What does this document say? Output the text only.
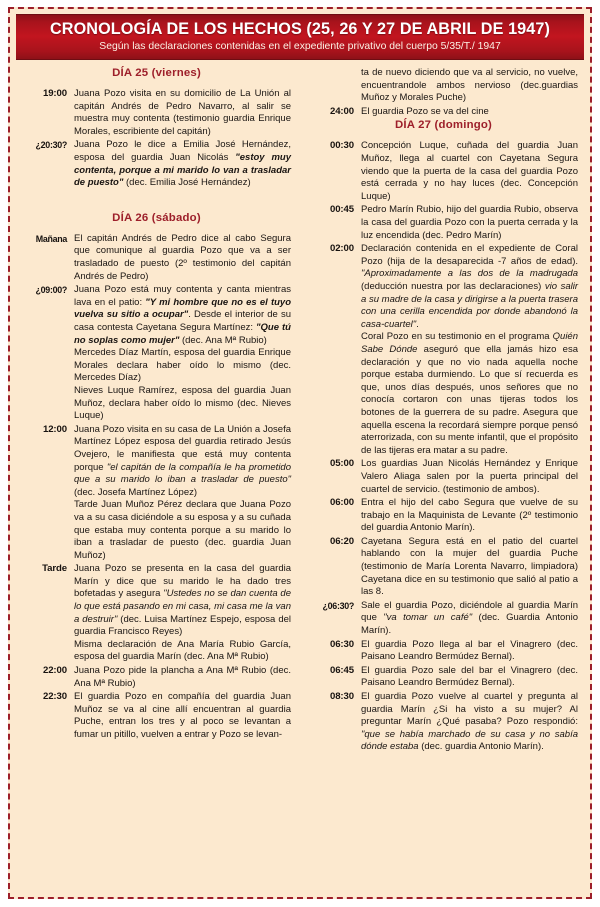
CRONOLOGÍA DE LOS HECHOS (25, 26 Y 27 DE ABRIL DE 1947)
Según las declaraciones contenidas en el expediente privativo del cuerpo 5/35/T./ 1947
DÍA 25 (viernes)
19:00 Juana Pozo visita en su domicilio de La Unión al capitán Andrés de Pedro Navarro, al salir se muestra muy contenta (testimonio guardia Enrique Morales, escribiente del capitán)

¿20:30? Juana Pozo le dice a Emilia José Hernández, esposa del guardia Juan Nicolás "estoy muy contenta, porque a mi marido lo van a trasladar de puesto" (dec. Emilia José Hernández)

DÍA 26 (sábado)
Mañana El capitán Andrés de Pedro dice al cabo Segura que comunique al guardia Pozo que va a ser trasladado de puesto (2º testimonio del capitán Andrés de Pedro)

¿09:00? Juana Pozo está muy contenta y canta mientras lava en el patio: "Y mi hombre que no es el tuyo vuelva su sitio a ocupar". Desde el interior de su casa contesta Cayetana Segura Martínez: "Que tú no soplas como mujer" (dec. Ana Mª Rubio)

Mercedes Díaz Martín, esposa del guardia Enrique Morales declara haber oído lo mismo (dec. Mercedes Díaz)

Nieves Luque Ramírez, esposa del guardia Juan Muñoz, declara haber oído lo mismo (dec. Nieves Luque)

12:00 Juana Pozo visita en su casa de La Unión a Josefa Martínez López esposa del guardia retirado Jesús Ovejero, le manifiesta que está muy contenta porque "el capitán de la compañía le ha prometido que a su marido lo iban a trasladar de puesto" (dec. Josefa Martínez López)

Tarde Juan Muñoz Pérez declara que Juana Pozo va a su casa diciéndole a su esposa y a su cuñada que estaba muy contenta porque a su marido lo iban a trasladar de puesto (dec. guardia Juan Muñoz)

Tarde Juana Pozo se presenta en la casa del guardia Marín y dice que su marido le ha dado tres bofetadas y asegura "Ustedes no se dan cuenta de lo que está pasando en mi casa, mi casa me la van a destruir" (dec. Luisa Martínez Espejo, esposa del guardia Francisco Reyes)

Misma declaración de Ana María Rubio García, esposa del guardia Marín (dec. Ana Mª Rubio)

22:00 Juana Pozo pide la plancha a Ana Mª Rubio (dec. Ana Mª Rubio)

22:30 El guardia Pozo en compañía del guardia Juan Muñoz se va al cine allí encuentran al guardia Puche, entran los tres y al poco se levantan a fumar un pitillo, vuelven a entrar y Pozo se levan-

ta de nuevo diciendo que va al servicio, no vuelve, encuentrandole ambos nervioso (dec.guardias Muñoz y Morales Puche)

24:00 El guardia Pozo se va del cine

DÍA 27 (domingo)
00:30 Concepción Luque, cuñada del guardia Juan Muñoz, llega al cuartel con Cayetana Segura viendo que la puerta de la casa del guardia Pozo está cerrada y no hay luces (dec. Concepción Luque)

00:45 Pedro Marín Rubio, hijo del guardia Rubio, observa la casa del guardia Pozo con la puerta cerrada y la luz encendida (dec. Pedro Marín)

02:00 Declaración contenida en el expediente de Coral Pozo (hija de la desaparecida -7 años de edad). "Aproximadamente a las dos de la madrugada (deducción nuestra por las declaraciones) vio salir a su madre de la casa y dirigirse a la puerta trasera con una cerilla encendida por donde abandonó la casa-cuartel".

Coral Pozo en su testimonio en el programa Quién Sabe Dónde aseguró que ella jamás hizo esa declaración y que no vio nada aquella noche porque estaba durmiendo. Lo que sí recuerda es que, unos días después, unos señores que no conocía cortaron con unas tijeras todos los botones de la guerrera de su padre. Asegura que aquella escena la recordará siempre porque pensó aterrorizada, con su mente infantil, que el propósito de las tijeras era matar a su padre.

05:00 Los guardias Juan Nicolás Hernández y Enrique Valero Aliaga salen por la puerta principal del cuartel de servicio. (testimonio de ambos).

06:00 Entra el hijo del cabo Segura que vuelve de su trabajo en la Maquinista de Levante (2º testimonio del guardia Antonio Marín).

06:20 Cayetana Segura está en el patio del cuartel hablando con la mujer del guardia Puche (testimonio de María Lorenta Navarro, limpiadora) Cayetana dice en su testimonio que salió al patio a las 8.

¿06:30? Sale el guardia Pozo, diciéndole al guardia Marín que "va tomar un café" (dec. Guardia Antonio Marín).

06:30 El guardia Pozo llega al bar el Vinagrero (dec. Paisano Leandro Bermúdez Bernal).

06:45 El guardia Pozo sale del bar el Vinagrero (dec. Paisano Leandro Bermúdez Bernal).

08:30 El guardia Pozo vuelve al cuartel y pregunta al guardia Marín ¿Si ha visto a su mujer? Al preguntar Marín ¿Qué pasaba? Pozo respondió: "que se había marchado de su casa y no sabía dónde estaba (dec. guardia Antonio Marín).
